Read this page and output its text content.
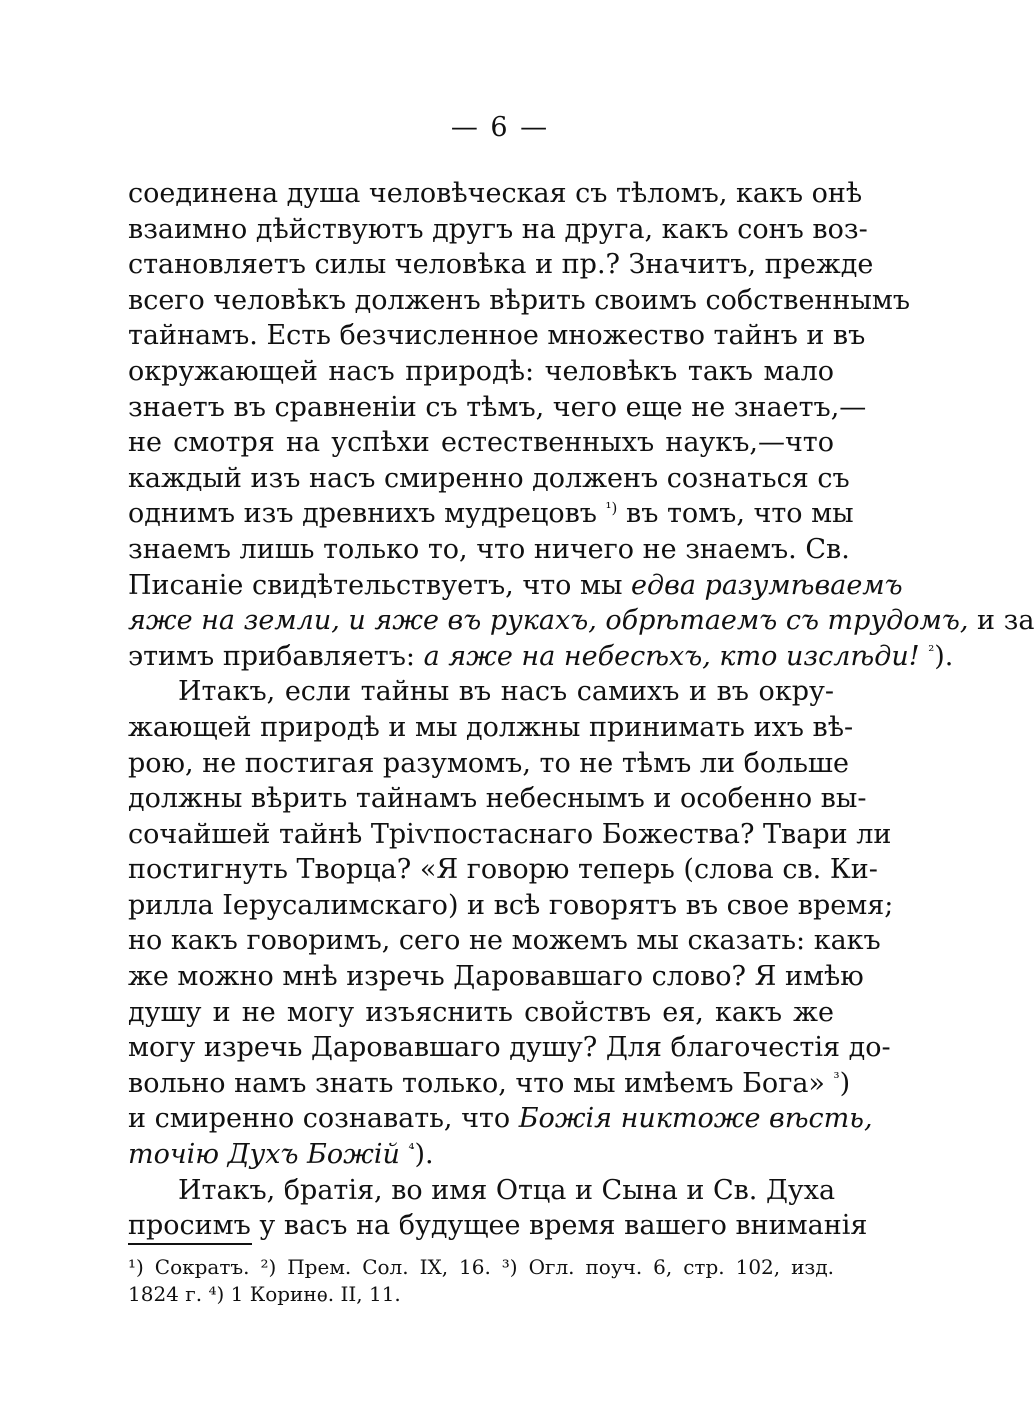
— 6 —
соединена душа человѣческая съ тѣломъ, какъ онѣ
взаимно дѣйствуютъ другъ на друга, какъ сонъ воз-
становляетъ силы человѣка и пр.? Значитъ, прежде
всего человѣкъ долженъ вѣрить своимъ собственнымъ
тайнамъ. Есть безчисленное множество тайнъ и въ
окружающей насъ природѣ: человѣкъ такъ мало
знаетъ въ сравненіи съ тѣмъ, чего еще не знаетъ,—
не смотря на успѣхи естественныхъ наукъ,—что
каждый изъ насъ смиренно долженъ сознаться съ
однимъ изъ древнихъ мудрецовъ $^{^1)}$ въ томъ, что мы
знаемъ лишь только то, что ничего не знаемъ. Св.
Писаніе свидѣтельствуетъ, что мы едва разумѣваемъ
яже на земли, и яже въ рукахъ, обрѣтаемъ съ трудомъ, и за
этимъ прибавляетъ: а яже на небесѣхъ, кто изслѣди! $^{^2}$).
Итакъ, если тайны въ насъ самихъ и въ окру-
жающей природѣ и мы должны принимать ихъ вѣ-
рою, не постигая разумомъ, то не тѣмъ ли больше
должны вѣрить тайнамъ небеснымъ и особенно вы-
сочайшей тайнѣ Тріѵпостаснаго Божества? Твари ли
постигнуть Творца? «Я говорю теперь (слова св. Ки-
рилла Іерусалимскаго) и всѣ говорятъ въ свое время;
но какъ говоримъ, сего не можемъ мы сказать: какъ
же можно мнѣ изречь Даровавшаго слово? Я имѣю
душу и не могу изъяснить свойствъ ея, какъ же
могу изречь Даровавшаго душу? Для благочестія до-
вольно намъ знать только, что мы имѣемъ Бога» $^{^3}$)
и смиренно сознавать, что Божія никтоже вѣсть,
точію Духъ Божій $^{^4}$).
Итакъ, братія, во имя Отца и Сына и Св. Духа
просимъ у васъ на будущее время вашего вниманія
¹) Сократъ. ²) Прем. Сол. IX, 16. ³) Огл. поуч. 6, стр. 102, изд.
1824 г. ⁴) 1 Коринѳ. II, 11.
